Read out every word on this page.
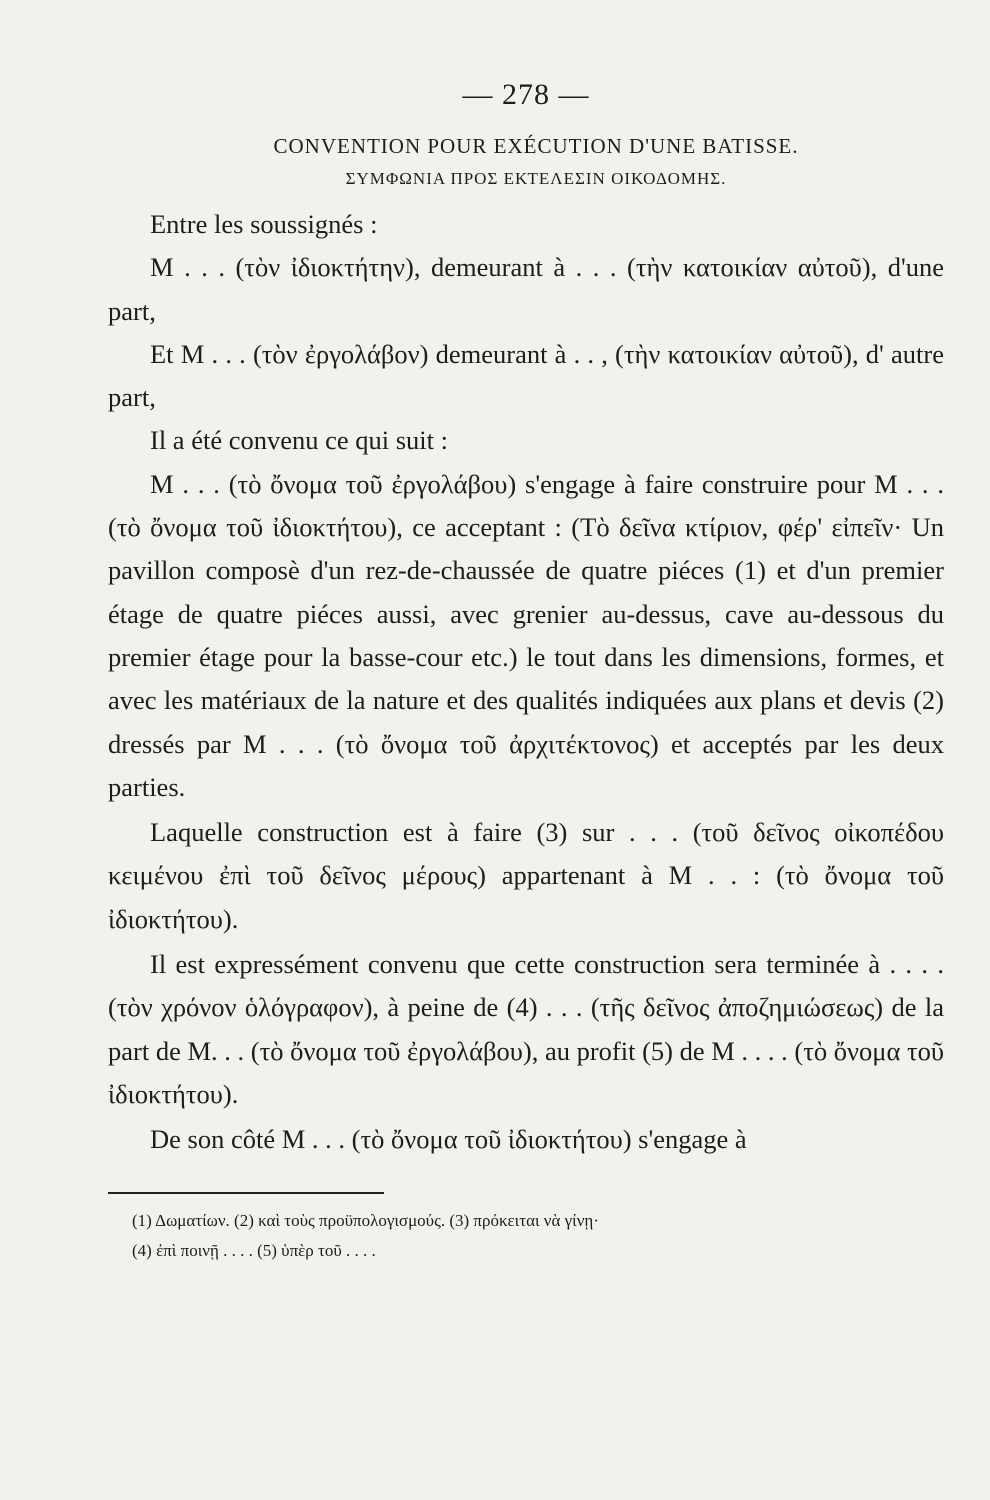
— 278 —
CONVENTION POUR EXÉCUTION D'UNE BATISSE.
ΣΥΜΦΩΝΙΑ ΠΡΟΣ ΕΚΤΕΛΕΣΙΝ ΟΙΚΟΔΟΜΗΣ.

Entre les soussignés :

M . . . (τὸν ἰδιοκτήτην), demeurant à . . . (τὴν κατοικίαν αὐτοῦ), d'une part,

Et M . . . (τὸν ἐργολάβον) demeurant à . . , (τὴν κατοικίαν αὐτοῦ), d' autre part,

Il a été convenu ce qui suit :

M . . . (τὸ ὄνομα τοῦ ἐργολάβου) s'engage à faire construire pour M . . . (τὸ ὄνομα τοῦ ἰδιοκτήτου), ce acceptant : (Τὸ δεῖνα κτίριον, φέρ' εἰπεῖν· Un pavillon composè d'un rez-de-chaussée de quatre piéces (1) et d'un premier étage de quatre piéces aussi, avec grenier au-dessus, cave au-dessous du premier étage pour la basse-cour etc.) le tout dans les dimensions, formes, et avec les matériaux de la nature et des qualités indiquées aux plans et devis (2) dressés par M . . . (τὸ ὄνομα τοῦ ἀρχιτέκτονος) et acceptés par les deux parties.

Laquelle construction est à faire (3) sur . . . (τοῦ δεῖνος οἰκοπέδου κειμένου ἐπὶ τοῦ δεῖνος μέρους) appartenant à M . . : (τὸ ὄνομα τοῦ ἰδιοκτήτου).

Il est expressément convenu que cette construction sera terminée à . . . . (τὸν χρόνον ὁλόγραφον), à peine de (4) . . . (τῆς δεῖνος ἀποζημιώσεως) de la part de M. . . (τὸ ὄνομα τοῦ ἐργολάβου), au profit (5) de M . . . . (τὸ ὄνομα τοῦ ἰδιοκτήτου).

De son côté M . . . (τὸ ὄνομα τοῦ ἰδιοκτήτου) s'engage à

(1) Δωματίων. (2) καὶ τοὺς προϋπολογισμούς. (3) πρόκειται νὰ γίνῃ·
(4) ἐπὶ ποινῇ . . . . (5) ὑπὲρ τοῦ . . . .
